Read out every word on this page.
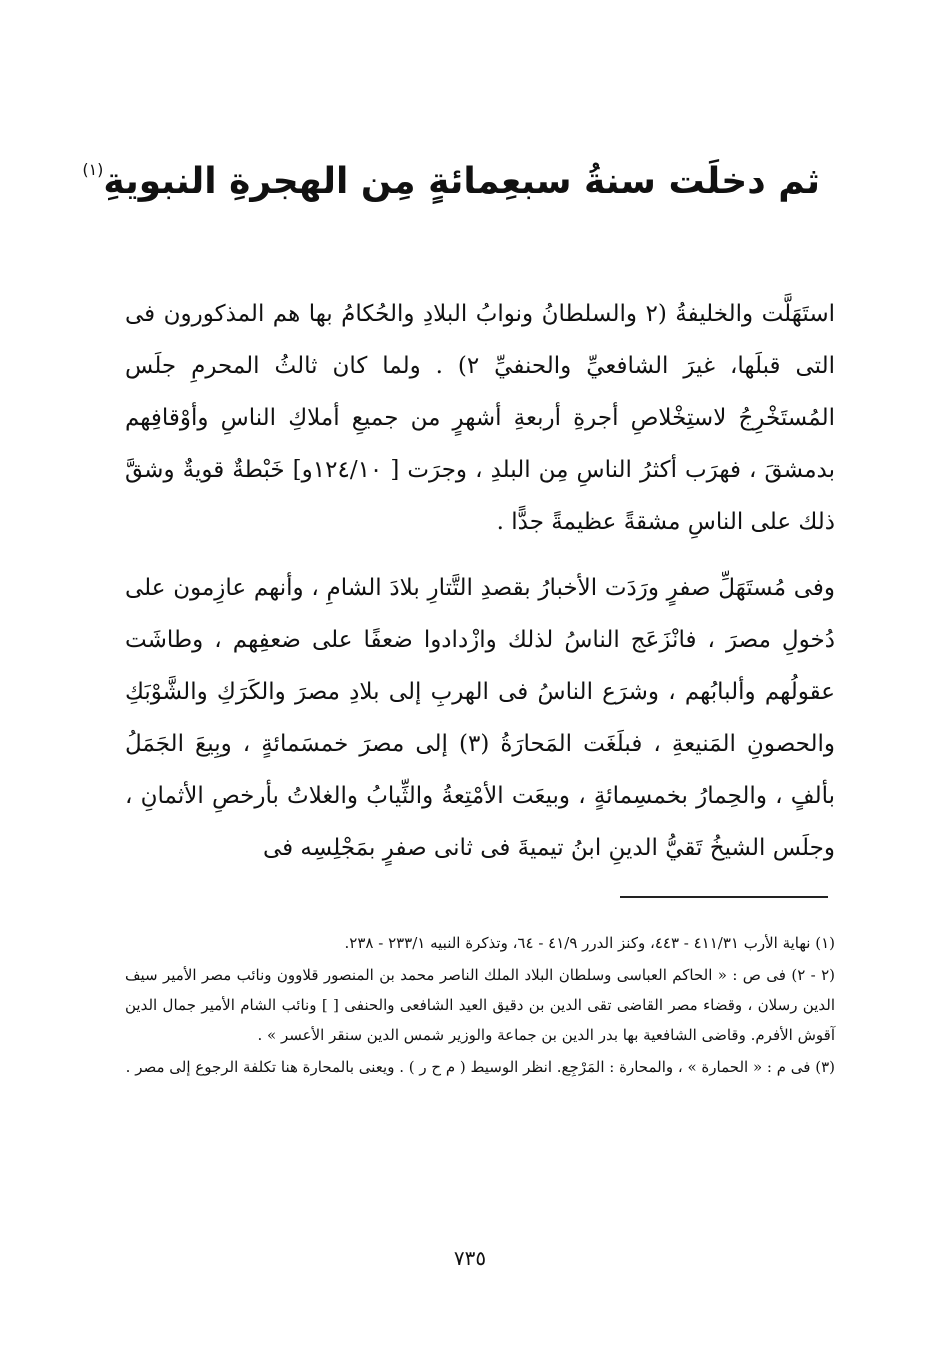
ثم دخلَت سنةُ سبعِمائةٍ مِن الهجرةِ النبويةِ$^{(١)}$
استَهَلَّت والخليفةُ (٢ والسلطانُ ونوابُ البلادِ والحُكامُ بها هم المذكورون فى التى قبلَها، غيرَ الشافعيِّ والحنفيِّ ٢) . ولما كان ثالثُ المحرمِ جلَس المُستَخْرِجُ لاستِخْلاصِ أجرةِ أربعةِ أشهرٍ من جميعِ أملاكِ الناسِ وأوْقافِهم بدمشقَ ، فهرَب أكثرُ الناسِ مِن البلدِ ، وجرَت [ ١٢٤/١٠و] خَبْطةٌ قويةٌ وشقَّ ذلك على الناسِ مشقةً عظيمةً جدًّا .
وفى مُستَهَلِّ صفرٍ ورَدَت الأخبارُ بقصدِ التَّتارِ بلادَ الشامِ ، وأنهم عازِمون على دُخولِ مصرَ ، فانْزَعَج الناسُ لذلك وازْدادوا ضعفًا على ضعفِهم ، وطاشَت عقولُهم وألبابُهم ، وشرَع الناسُ فى الهربِ إلى بلادِ مصرَ والكَرَكِ والشَّوْبَكِ والحصونِ المَنيعةِ ، فبلَغَت المَحارَةُ (٣) إلى مصرَ خمسَمائةٍ ، وبِيعَ الجَمَلُ بألفٍ ، والحِمارُ بخمسِمائةٍ ، وبيعَت الأمْتِعةُ والثِّيابُ والغلاتُ بأرخصِ الأثمانِ ، وجلَس الشيخُ تَقيُّ الدينِ ابنُ تيميةَ فى ثانى صفرٍ بمَجْلِسِه فى

(١) نهاية الأرب ٤١١/٣١ - ٤٤٣، وكنز الدرر ٤١/٩ - ٦٤، وتذكرة النبيه ٢٣٣/١ - ٢٣٨.

(٢ - ٢) فى ص : « الحاكم العباسى وسلطان البلاد الملك الناصر محمد بن المنصور قلاوون ونائب مصر الأمير سيف الدين رسلان ، وقضاء مصر القاضى تقى الدين بن دقيق العيد الشافعى والحنفى [ ] ونائب الشام الأمير جمال الدين آقوش الأفرم. وقاضى الشافعية بها بدر الدين بن جماعة والوزير شمس الدين سنقر الأعسر » .

(٣) فى م : « الحمارة » ، والمحارة : المَرْجِع. انظر الوسيط ( م ح ر ) . ويعنى بالمحارة هنا تكلفة الرجوع إلى مصر .

٧٣٥
